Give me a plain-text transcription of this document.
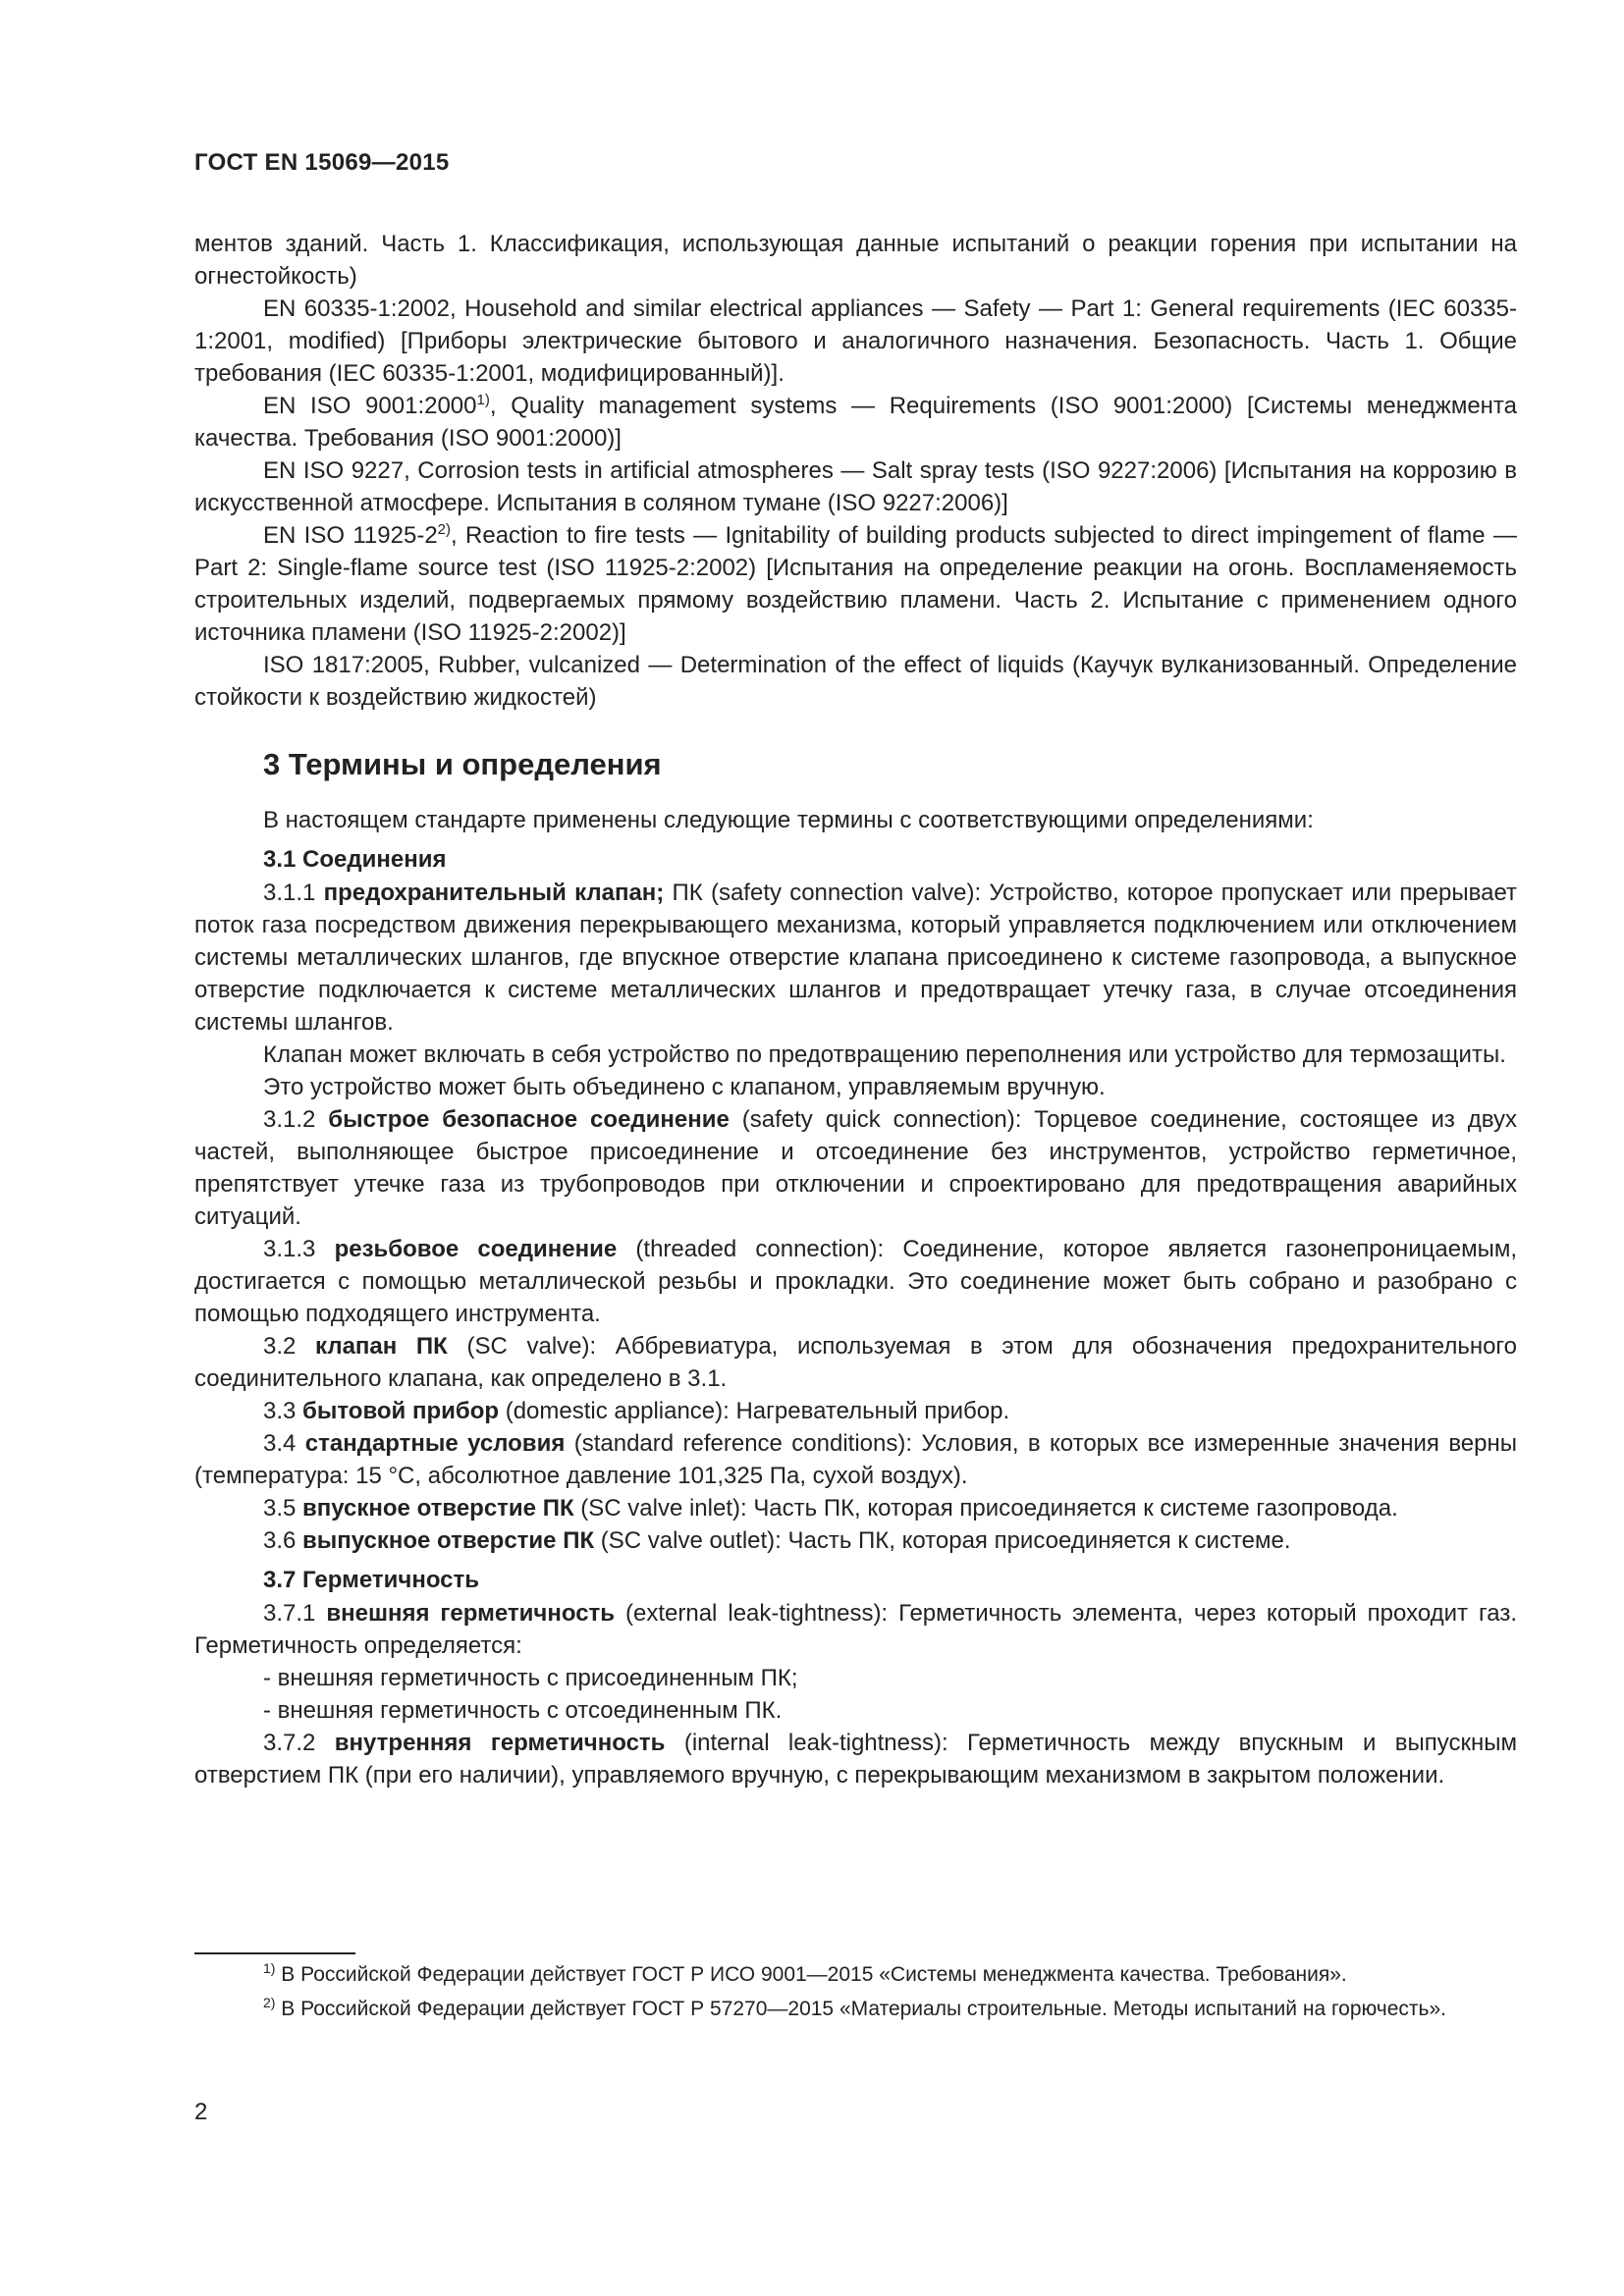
ГОСТ EN 15069—2015

ментов зданий. Часть 1. Классификация, использующая данные испытаний о реакции горения при испытании на огнестойкость)

EN 60335-1:2002, Household and similar electrical appliances — Safety — Part 1: General requirements (IEC 60335-1:2001, modified) [Приборы электрические бытового и аналогичного назначения. Безопасность. Часть 1. Общие требования (IEC 60335-1:2001, модифицированный)].

EN ISO 9001:2000$^{1)}$, Quality management systems — Requirements (ISO 9001:2000) [Системы менеджмента качества. Требования (ISO 9001:2000)]

EN ISO 9227, Corrosion tests in artificial atmospheres — Salt spray tests (ISO 9227:2006) [Испытания на коррозию в искусственной атмосфере. Испытания в соляном тумане (ISO 9227:2006)]

EN ISO 11925-2$^{2)}$, Reaction to fire tests — Ignitability of building products subjected to direct impingement of flame — Part 2: Single-flame source test (ISO 11925-2:2002) [Испытания на определение реакции на огонь. Воспламеняемость строительных изделий, подвергаемых прямому воздействию пламени. Часть 2. Испытание с применением одного источника пламени (ISO 11925-2:2002)]

ISO 1817:2005, Rubber, vulcanized — Determination of the effect of liquids (Каучук вулканизованный. Определение стойкости к воздействию жидкостей)

3 Термины и определения

В настоящем стандарте применены следующие термины с соответствующими определениями:

3.1 Соединения

3.1.1 предохранительный клапан; ПК (safety connection valve): Устройство, которое пропускает или прерывает поток газа посредством движения перекрывающего механизма, который управляется подключением или отключением системы металлических шлангов, где впускное отверстие клапана присоединено к системе газопровода, а выпускное отверстие подключается к системе металлических шлангов и предотвращает утечку газа, в случае отсоединения системы шлангов.

Клапан может включать в себя устройство по предотвращению переполнения или устройство для термозащиты.

Это устройство может быть объединено с клапаном, управляемым вручную.

3.1.2 быстрое безопасное соединение (safety quick connection): Торцевое соединение, состоящее из двух частей, выполняющее быстрое присоединение и отсоединение без инструментов, устройство герметичное, препятствует утечке газа из трубопроводов при отключении и спроектировано для предотвращения аварийных ситуаций.

3.1.3 резьбовое соединение (threaded connection): Соединение, которое является газонепроницаемым, достигается с помощью металлической резьбы и прокладки. Это соединение может быть собрано и разобрано с помощью подходящего инструмента.

3.2 клапан ПК (SC valve): Аббревиатура, используемая в этом для обозначения предохранительного соединительного клапана, как определено в 3.1.

3.3 бытовой прибор (domestic appliance): Нагревательный прибор.

3.4 стандартные условия (standard reference conditions): Условия, в которых все измеренные значения верны (температура: 15 °С, абсолютное давление 101,325 Па, сухой воздух).

3.5 впускное отверстие ПК (SC valve inlet): Часть ПК, которая присоединяется к системе газопровода.

3.6 выпускное отверстие ПК (SC valve outlet): Часть ПК, которая присоединяется к системе.

3.7 Герметичность

3.7.1 внешняя герметичность (external leak-tightness): Герметичность элемента, через который проходит газ. Герметичность определяется:

- внешняя герметичность с присоединенным ПК;

- внешняя герметичность с отсоединенным ПК.

3.7.2 внутренняя герметичность (internal leak-tightness): Герметичность между впускным и выпускным отверстием ПК (при его наличии), управляемого вручную, с перекрывающим механизмом в закрытом положении.

$^{1)}$ В Российской Федерации действует ГОСТ Р ИСО 9001—2015 «Системы менеджмента качества. Требования».

$^{2)}$ В Российской Федерации действует ГОСТ Р 57270—2015 «Материалы строительные. Методы испытаний на горючесть».

2
